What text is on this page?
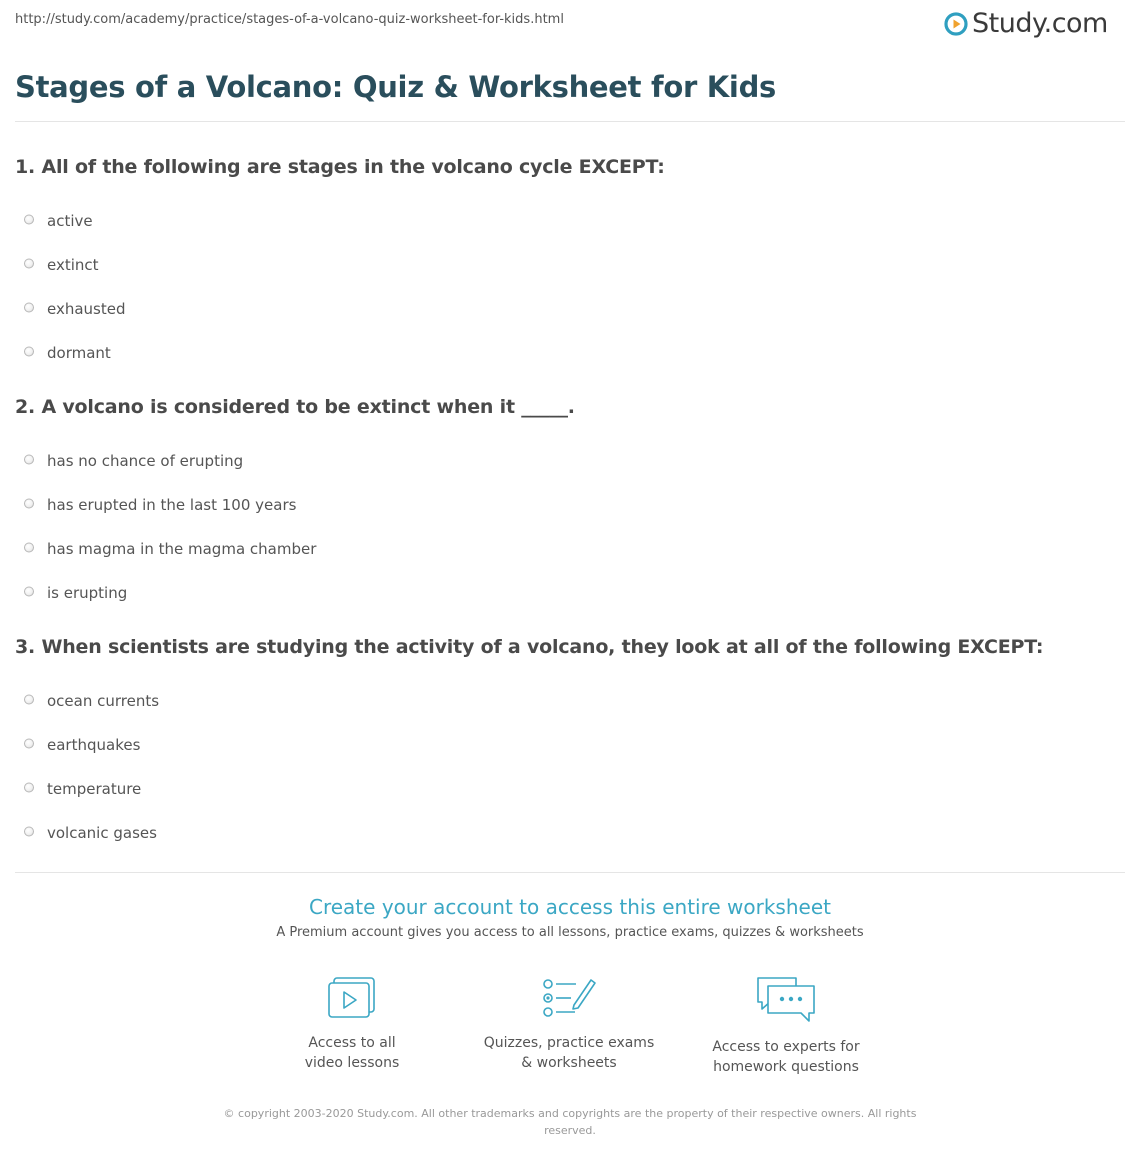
http://study.com/academy/practice/stages-of-a-volcano-quiz-worksheet-for-kids.html	Study.com
Stages of a Volcano: Quiz & Worksheet for Kids
1. All of the following are stages in the volcano cycle EXCEPT:
active
extinct
exhausted
dormant
2. A volcano is considered to be extinct when it _____.
has no chance of erupting
has erupted in the last 100 years
has magma in the magma chamber
is erupting
3. When scientists are studying the activity of a volcano, they look at all of the following EXCEPT:
ocean currents
earthquakes
temperature
volcanic gases
Create your account to access this entire worksheet
A Premium account gives you access to all lessons, practice exams, quizzes & worksheets
Access to all
video lessons
Quizzes, practice exams
& worksheets
Access to experts for
homework questions
© copyright 2003-2020 Study.com. All other trademarks and copyrights are the property of their respective owners. All rights reserved.
